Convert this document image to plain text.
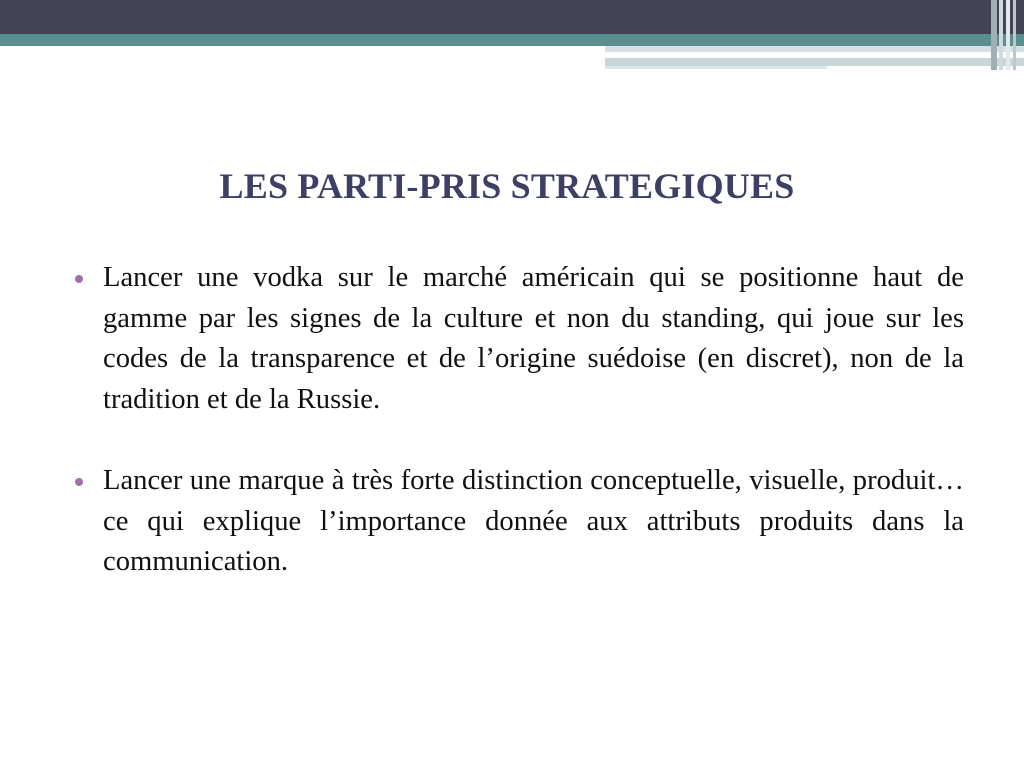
LES PARTI-PRIS STRATEGIQUES
Lancer une vodka sur le marché américain qui se positionne haut de gamme par les signes de la culture et non du standing, qui joue sur les codes de la transparence et de l’origine suédoise (en discret), non de la tradition et de la Russie.
Lancer une marque à très forte distinction conceptuelle, visuelle, produit…ce qui explique l’importance donnée aux attributs produits dans la communication.
